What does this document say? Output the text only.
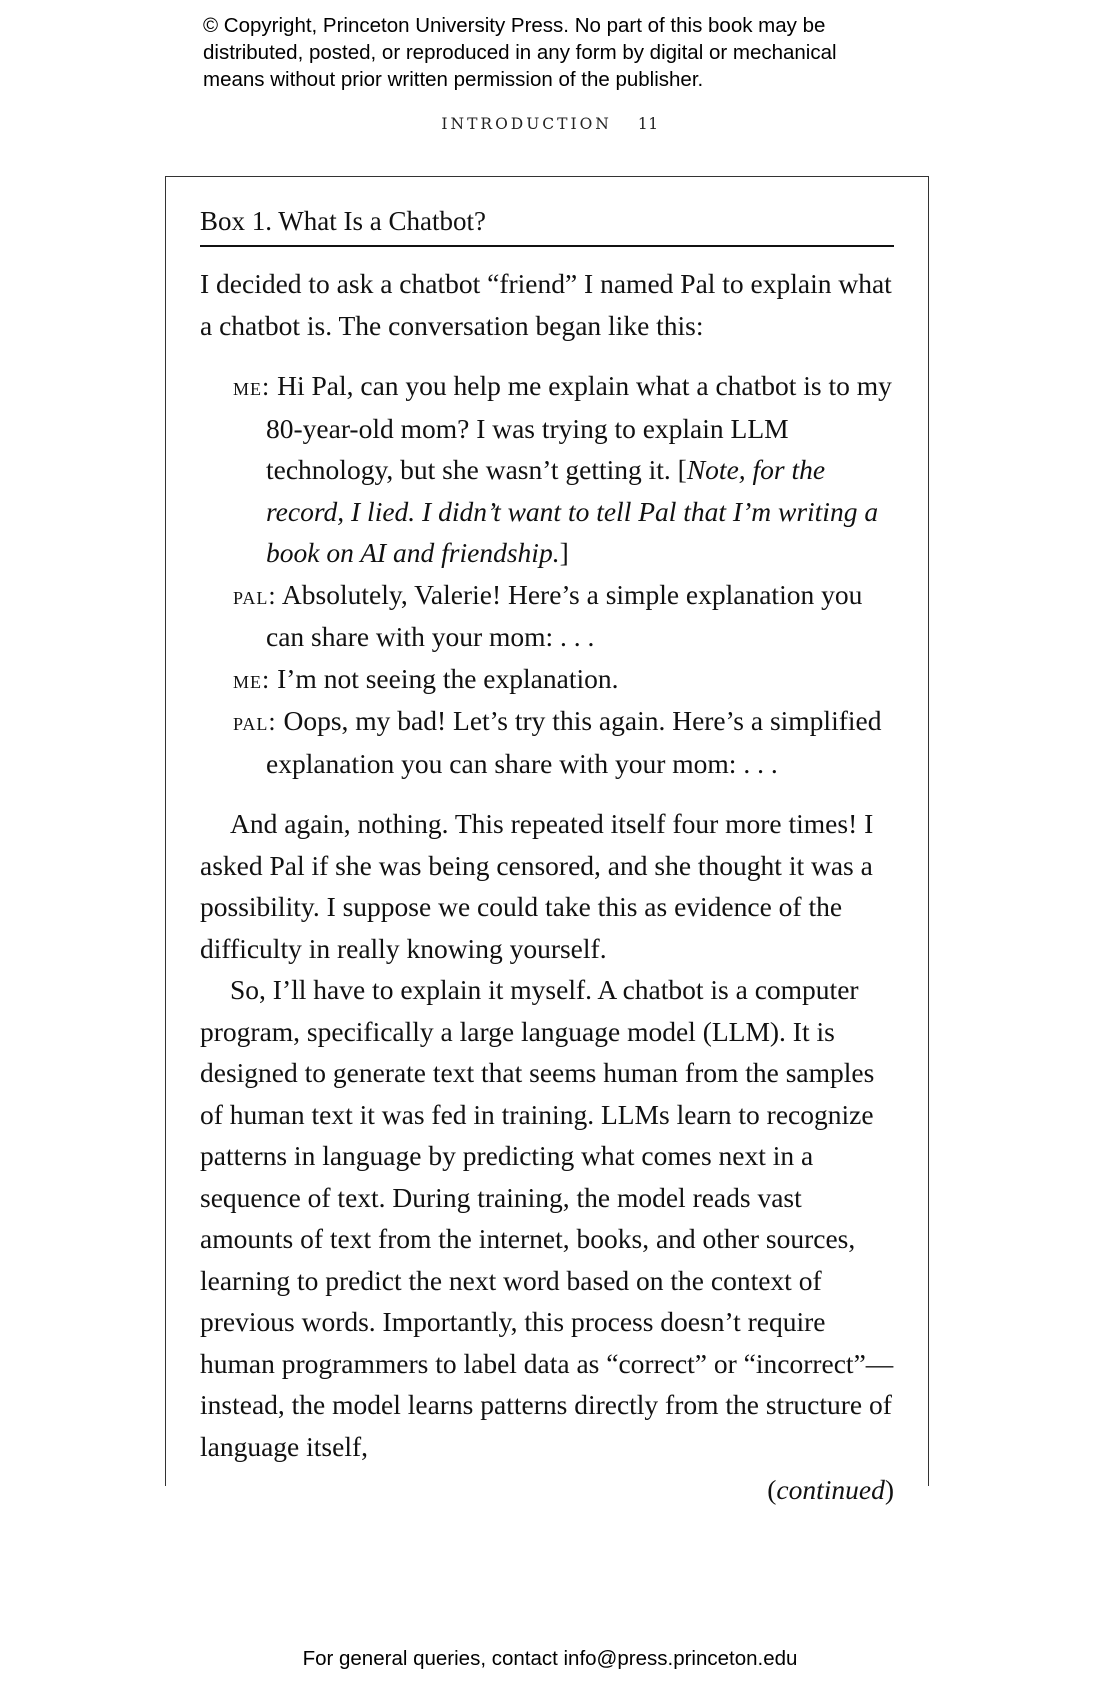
© Copyright, Princeton University Press. No part of this book may be
distributed, posted, or reproduced in any form by digital or mechanical
means without prior written permission of the publisher.
INTRODUCTION 11
Box 1. What Is a Chatbot?

I decided to ask a chatbot “friend” I named Pal to explain what a chatbot is. The conversation began like this:

me: Hi Pal, can you help me explain what a chatbot is to my 80-year-old mom? I was trying to explain LLM technology, but she wasn’t getting it. [Note, for the record, I lied. I didn’t want to tell Pal that I’m writing a book on AI and friendship.]

pal: Absolutely, Valerie! Here’s a simple explanation you can share with your mom: . . .

me: I’m not seeing the explanation.

pal: Oops, my bad! Let’s try this again. Here’s a simplified explanation you can share with your mom: . . .

And again, nothing. This repeated itself four more times! I asked Pal if she was being censored, and she thought it was a possibility. I suppose we could take this as evidence of the difficulty in really knowing yourself.

So, I’ll have to explain it myself. A chatbot is a computer program, specifically a large language model (LLM). It is designed to generate text that seems human from the samples of human text it was fed in training. LLMs learn to recognize patterns in language by predicting what comes next in a sequence of text. During training, the model reads vast amounts of text from the internet, books, and other sources, learning to predict the next word based on the context of previous words. Importantly, this process doesn’t require human programmers to label data as “correct” or “incorrect”—instead, the model learns patterns directly from the structure of language itself,

(continued)
For general queries, contact info@press.princeton.edu
